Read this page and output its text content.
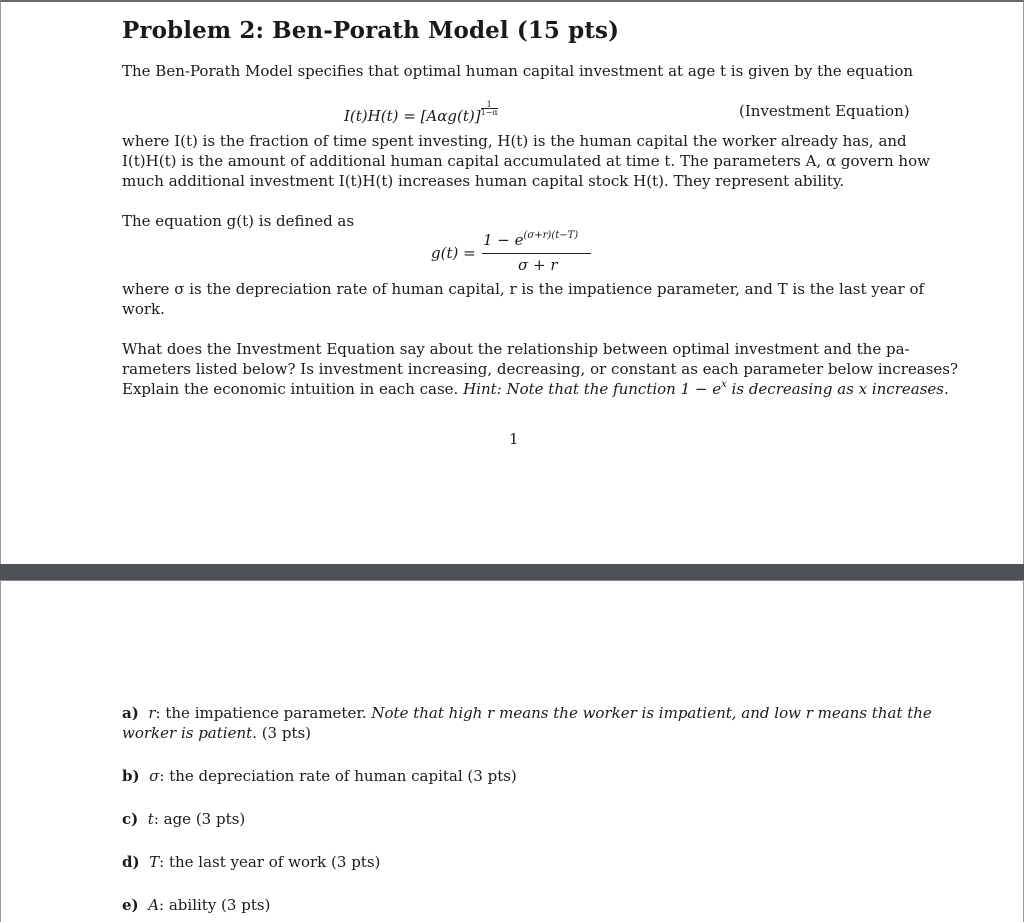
Problem 2: Ben-Porath Model (15 pts)
The Ben-Porath Model specifies that optimal human capital investment at age t is given by the equation
$I(t)H(t) = [A\alpha g(t)] \frac{1}{1-\alpha}$	(Investment Equation)
where I(t) is the fraction of time spent investing, H(t) is the human capital the worker already has, and
I(t)H(t) is the amount of additional human capital accumulated at time t. The parameters A, α govern how
much additional investment I(t)H(t) increases human capital stock H(t). They represent ability.
The equation g(t) is defined as
g(t) =
$1 - e^{(\sigma+r)(t-T)}$
σ + r
where σ is the depreciation rate of human capital, r is the impatience parameter, and T is the last year of
work.
What does the Investment Equation say about the relationship between optimal investment and the pa-
rameters listed below? Is investment increasing, decreasing, or constant as each parameter below increases?
Explain the economic intuition in each case. Hint: Note that the function $1 - e^x$ is decreasing as x increases.
1
a) r: the impatience parameter. Note that high r means the worker is impatient, and low r means that the
worker is patient. (3 pts)
b) σ: the depreciation rate of human capital (3 pts)
c) t: age (3 pts)
d) T: the last year of work (3 pts)
e) A: ability (3 pts)
